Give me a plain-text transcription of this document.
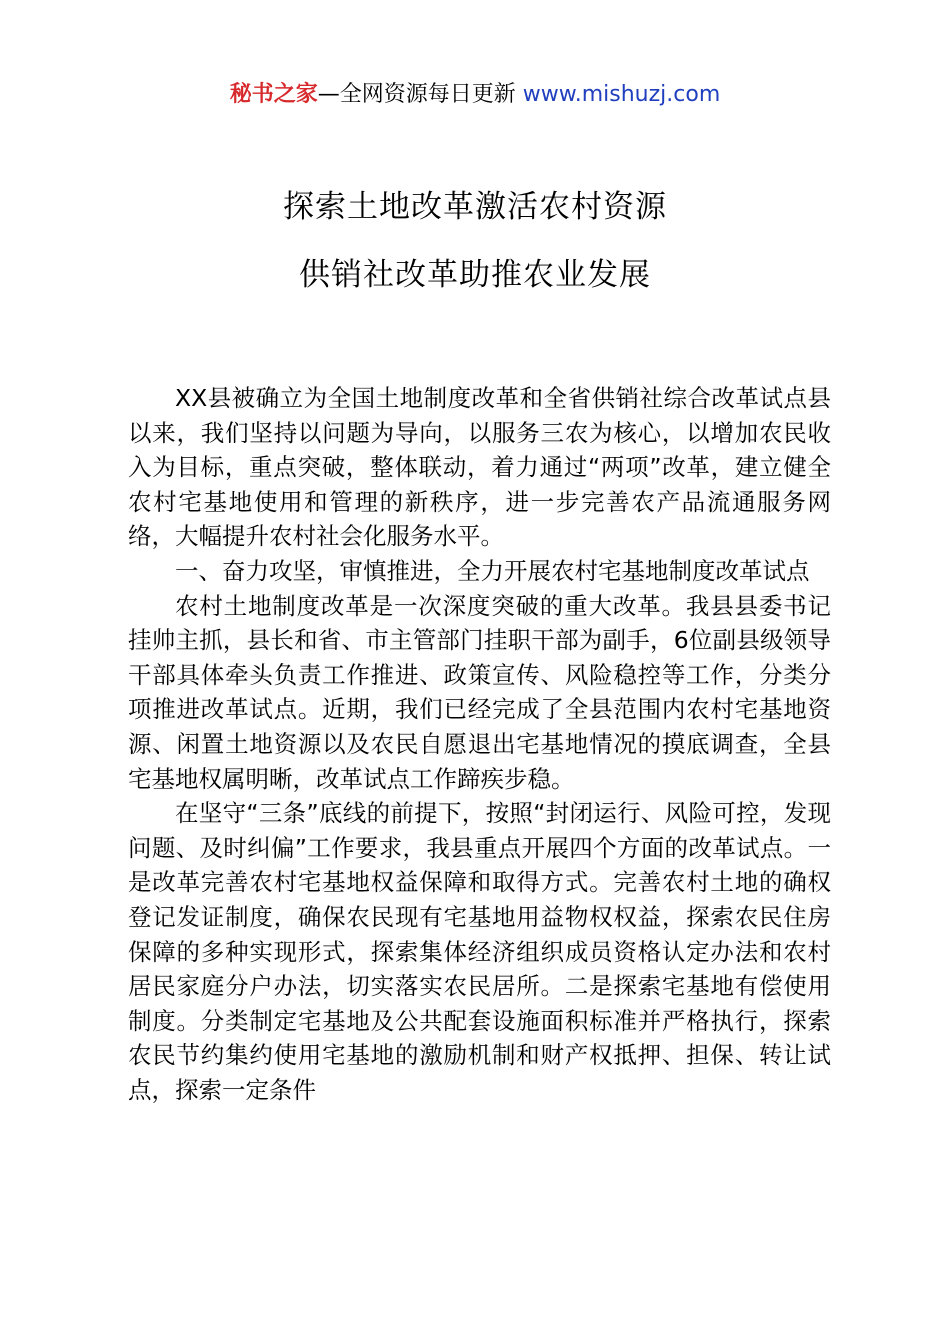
秘书之家—全网资源每日更新 www.mishuzj.com
探索土地改革激活农村资源
供销社改革助推农业发展

XX县被确立为全国土地制度改革和全省供销社综合改革试点县以来，我们坚持以问题为导向，以服务三农为核心，以增加农民收入为目标，重点突破，整体联动，着力通过“两项”改革，建立健全农村宅基地使用和管理的新秩序，进一步完善农产品流通服务网络，大幅提升农村社会化服务水平。

一、奋力攻坚，审慎推进，全力开展农村宅基地制度改革试点

农村土地制度改革是一次深度突破的重大改革。我县县委书记挂帅主抓，县长和省、市主管部门挂职干部为副手，6位副县级领导干部具体牵头负责工作推进、政策宣传、风险稳控等工作，分类分项推进改革试点。近期，我们已经完成了全县范围内农村宅基地资源、闲置土地资源以及农民自愿退出宅基地情况的摸底调查，全县宅基地权属明晰，改革试点工作蹄疾步稳。

在坚守“三条”底线的前提下，按照“封闭运行、风险可控，发现问题、及时纠偏”工作要求，我县重点开展四个方面的改革试点。一是改革完善农村宅基地权益保障和取得方式。完善农村土地的确权登记发证制度，确保农民现有宅基地用益物权权益，探索农民住房保障的多种实现形式，探索集体经济组织成员资格认定办法和农村居民家庭分户办法，切实落实农民居所。二是探索宅基地有偿使用制度。分类制定宅基地及公共配套设施面积标准并严格执行，探索农民节约集约使用宅基地的激励机制和财产权抵押、担保、转让试点，探索一定条件
